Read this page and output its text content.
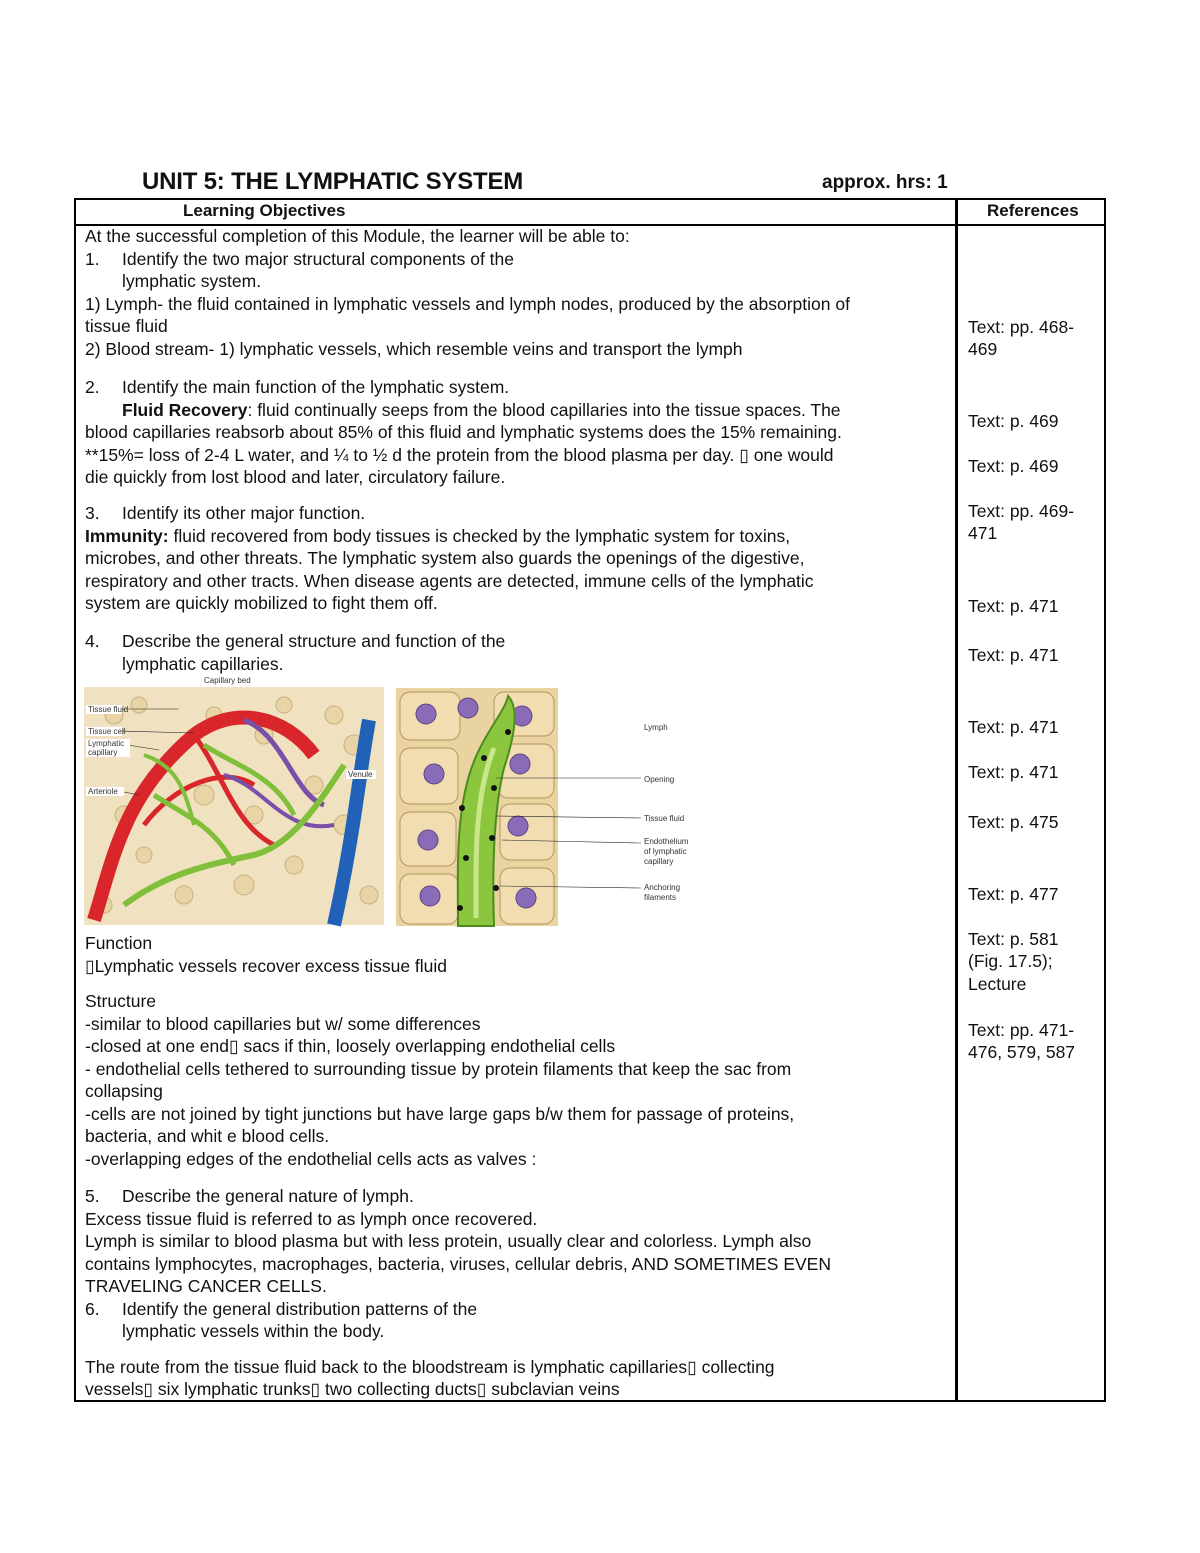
UNIT 5: THE LYMPHATIC SYSTEM	approx. hrs: 1
Learning Objectives	References
At the successful completion of this Module, the learner will be able to:
1. Identify the two major structural components of the
lymphatic system.
1) Lymph- the fluid contained in lymphatic vessels and lymph nodes, produced by the absorption of
tissue fluid
2) Blood stream- 1) lymphatic vessels, which resemble veins and transport the lymph
2. Identify the main function of the lymphatic system.
Fluid Recovery: fluid continually seeps from the blood capillaries into the tissue spaces. The
blood capillaries reabsorb about 85% of this fluid and lymphatic systems does the 15% remaining.
**15%= loss of 2-4 L water, and ¼ to ½ d the protein from the blood plasma per day. ▯ one would
die quickly from lost blood and later, circulatory failure.
3. Identify its other major function.
Immunity: fluid recovered from body tissues is checked by the lymphatic system for toxins,
microbes, and other threats. The lymphatic system also guards the openings of the digestive,
respiratory and other tracts. When disease agents are detected, immune cells of the lymphatic
system are quickly mobilized to fight them off.
4. Describe the general structure and function of the
lymphatic capillaries.
Tissue fluid
Tissue cell
Lymphatic
capillary
Arteriole
Venule
Capillary bed
Lymph
Opening
Tissue fluid
Endothelium
of lymphatic
capillary
Anchoring
filaments
Function
▯Lymphatic vessels recover excess tissue fluid
Structure
-similar to blood capillaries but w/ some differences
-closed at one end▯ sacs if thin, loosely overlapping endothelial cells
- endothelial cells tethered to surrounding tissue by protein filaments that keep the sac from
collapsing
-cells are not joined by tight junctions but have large gaps b/w them for passage of proteins,
bacteria, and whit e blood cells.
-overlapping edges of the endothelial cells acts as valves :
5. Describe the general nature of lymph.
Excess tissue fluid is referred to as lymph once recovered.
Lymph is similar to blood plasma but with less protein, usually clear and colorless. Lymph also
contains lymphocytes, macrophages, bacteria, viruses, cellular debris, AND SOMETIMES EVEN
TRAVELING CANCER CELLS.
6. Identify the general distribution patterns of the
lymphatic vessels within the body.
The route from the tissue fluid back to the bloodstream is lymphatic capillaries▯ collecting
vessels▯ six lymphatic trunks▯ two collecting ducts▯ subclavian veins
Text: pp. 468-
469
Text: p. 469
Text: p. 469
Text: pp. 469-
471
Text: p. 471
Text: p. 471
Text: p. 471
Text: p. 471
Text: p. 475
Text: p. 477
Text: p. 581
(Fig. 17.5);
Lecture
Text: pp. 471-
476, 579, 587
